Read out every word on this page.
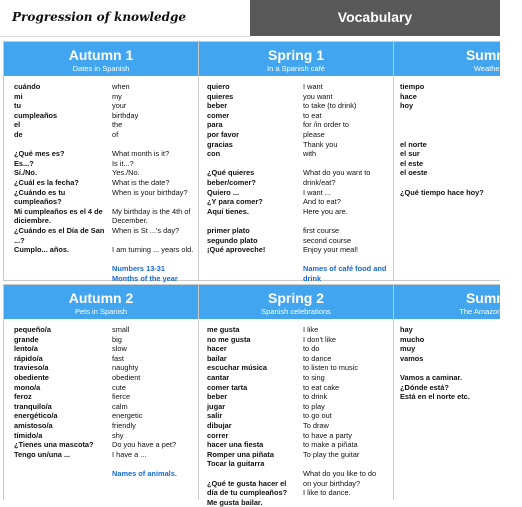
Progression of knowledge	Vocabulary
Autumn 1
Dates in Spanish
cuándo
mi
tu
cumpleaños
el
de
¿Qué mes es?
Es...?
Sí./No.
¿Cuál es la fecha?
¿Cuándo es tu
cumpleaños?
Mi cumpleaños es el 4 de
diciembre.
¿Cuándo es el Día de San
...?
Cumplo... años.
when
my
your
birthday
the
of
What month is it?
Is it...?
Yes./No.
What is the date?
When is your birthday?
My birthday is the 4th of
December.
When is St ...'s day?
I am turning ... years old.
Numbers 13-31
Months of the year
Spring 1
In a Spanish café
quiero
quieres
beber
comer
para
por favor
gracias
con
¿Qué quieres
beber/comer?
Quiero ...
¿Y para comer?
Aquí tienes.
primer plato
segundo plato
¡Qué aproveche!
I want
you want
to take (to drink)
to eat
for /in order to
please
Thank you
with
What do you want to
drink/eat?
I want ...
And to eat?
Here you are.
first course
second course
Enjoy your meal!
Names of café food and
drink
Summer
Weather in
tiempo
hace
hoy
el norte
el sur
el este
el oeste
¿Qué tiempo hace hoy?
Autumn 2
Pets in Spanish
pequeño/a
grande
lento/a
rápido/a
travieso/a
obediente
mono/a
feroz
tranquilo/a
energético/a
amistoso/a
tímido/a
¿Tienes una mascota?
Tengo un/una ...
small
big
slow
fast
naughty
obedient
cute
fierce
calm
energetic
friendly
shy
Do you have a pet?
I have a ...
Names of animals.
Spring 2
Spanish celebrations
me gusta
no me gusta
hacer
bailar
escuchar música
cantar
comer tarta
beber
jugar
salir
dibujar
correr
hacer una fiesta
Romper una piñata
Tocar la guitarra
¿Qué te gusta hacer el
día de tu cumpleaños?
Me gusta bailar.
I like
I don't like
to do
to dance
to listen to music
to sing
to eat cake
to drink
to play
to go out
To draw
to have a party
to make a piñata
To play the guitar
What do you like to do
on your birthday?
I like to dance.
Summer
The Amazon r
hay
mucho
muy
vamos
Vamos a caminar.
¿Dónde está?
Está en el norte etc.
